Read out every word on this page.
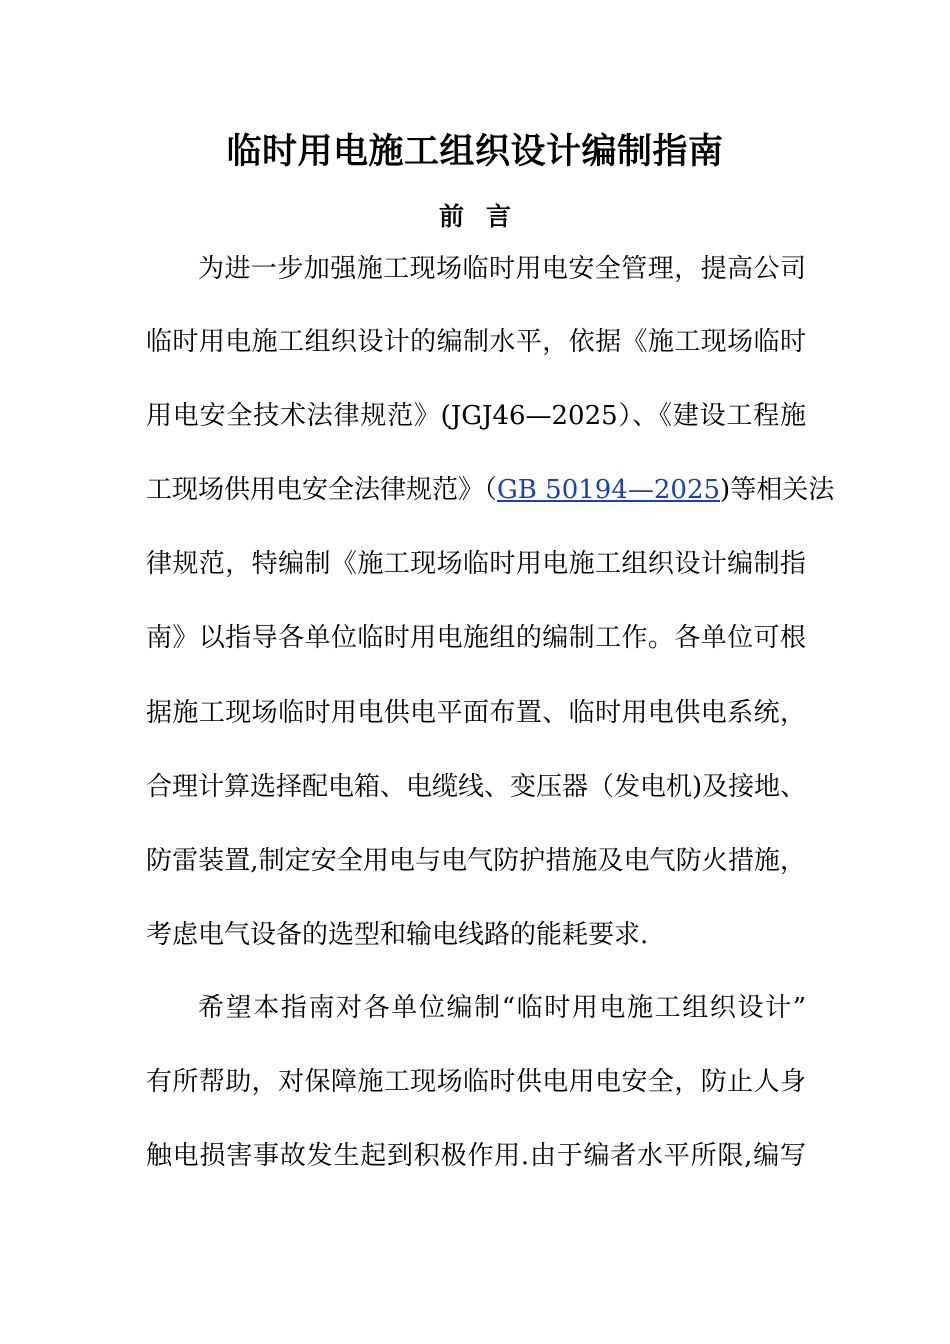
临时用电施工组织设计编制指南
前 言
为进一步加强施工现场临时用电安全管理，提高公司
临时用电施工组织设计的编制水平，依据《施工现场临时
用电安全技术法律规范》(JGJ46—2025）、《建设工程施
工现场供用电安全法律规范》（GB 50194—2025)等相关法
律规范，特编制《施工现场临时用电施工组织设计编制指
南》以指导各单位临时用电施组的编制工作。各单位可根
据施工现场临时用电供电平面布置、临时用电供电系统，
合理计算选择配电箱、电缆线、变压器（发电机)及接地、
防雷装置,制定安全用电与电气防护措施及电气防火措施，
考虑电气设备的选型和输电线路的能耗要求.
希望本指南对各单位编制“临时用电施工组织设计”
有所帮助，对保障施工现场临时供电用电安全，防止人身
触电损害事故发生起到积极作用.由于编者水平所限,编写
